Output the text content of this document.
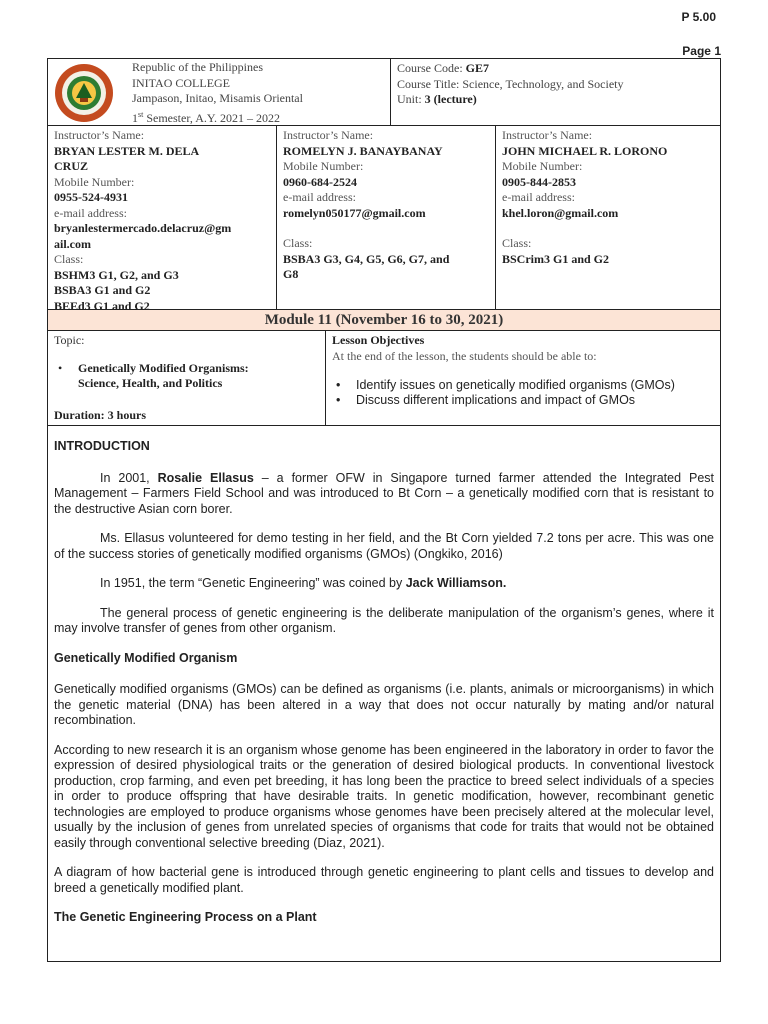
P 5.00
Page 1
Republic of the Philippines
INITAO COLLEGE
Jampason, Initao, Misamis Oriental
1st Semester, A.Y. 2021 – 2022
Course Code: GE7
Course Title: Science, Technology, and Society
Unit: 3 (lecture)
Instructor’s Name:
BRYAN LESTER M. DELA
CRUZ
Mobile Number:
0955-524-4931
e-mail address:
bryanlestermercado.delacruz@gm
ail.com
Class:
BSHM3 G1, G2, and G3
BSBA3 G1 and G2
BEEd3 G1 and G2
Instructor’s Name:
ROMELYN J. BANAYBANAY
Mobile Number:
0960-684-2524
e-mail address:
romelyn050177@gmail.com
Class:
BSBA3 G3, G4, G5, G6, G7, and
G8
Instructor’s Name:
JOHN MICHAEL R. LORONO
Mobile Number:
0905-844-2853
e-mail address:
khel.loron@gmail.com
Class:
BSCrim3 G1 and G2
Module 11 (November 16 to 30, 2021)
Topic:
• Genetically Modified Organisms:
Science, Health, and Politics
Duration: 3 hours
Lesson Objectives
At the end of the lesson, the students should be able to:
• Identify issues on genetically modified organisms (GMOs)
• Discuss different implications and impact of GMOs
INTRODUCTION

In 2001, Rosalie Ellasus – a former OFW in Singapore turned farmer attended the Integrated Pest Management – Farmers Field School and was introduced to Bt Corn – a genetically modified corn that is resistant to the destructive Asian corn borer.

Ms. Ellasus volunteered for demo testing in her field, and the Bt Corn yielded 7.2 tons per acre. This was one of the success stories of genetically modified organisms (GMOs) (Ongkiko, 2016)

In 1951, the term “Genetic Engineering” was coined by Jack Williamson.

The general process of genetic engineering is the deliberate manipulation of the organism’s genes, where it may involve transfer of genes from other organism.

Genetically Modified Organism

Genetically modified organisms (GMOs) can be defined as organisms (i.e. plants, animals or microorganisms) in which the genetic material (DNA) has been altered in a way that does not occur naturally by mating and/or natural recombination.

According to new research it is an organism whose genome has been engineered in the laboratory in order to favor the expression of desired physiological traits or the generation of desired biological products. In conventional livestock production, crop farming, and even pet breeding, it has long been the practice to breed select individuals of a species in order to produce offspring that have desirable traits. In genetic modification, however, recombinant genetic technologies are employed to produce organisms whose genomes have been precisely altered at the molecular level, usually by the inclusion of genes from unrelated species of organisms that code for traits that would not be obtained easily through conventional selective breeding (Diaz, 2021).

A diagram of how bacterial gene is introduced through genetic engineering to plant cells and tissues to develop and breed a genetically modified plant.

The Genetic Engineering Process on a Plant
